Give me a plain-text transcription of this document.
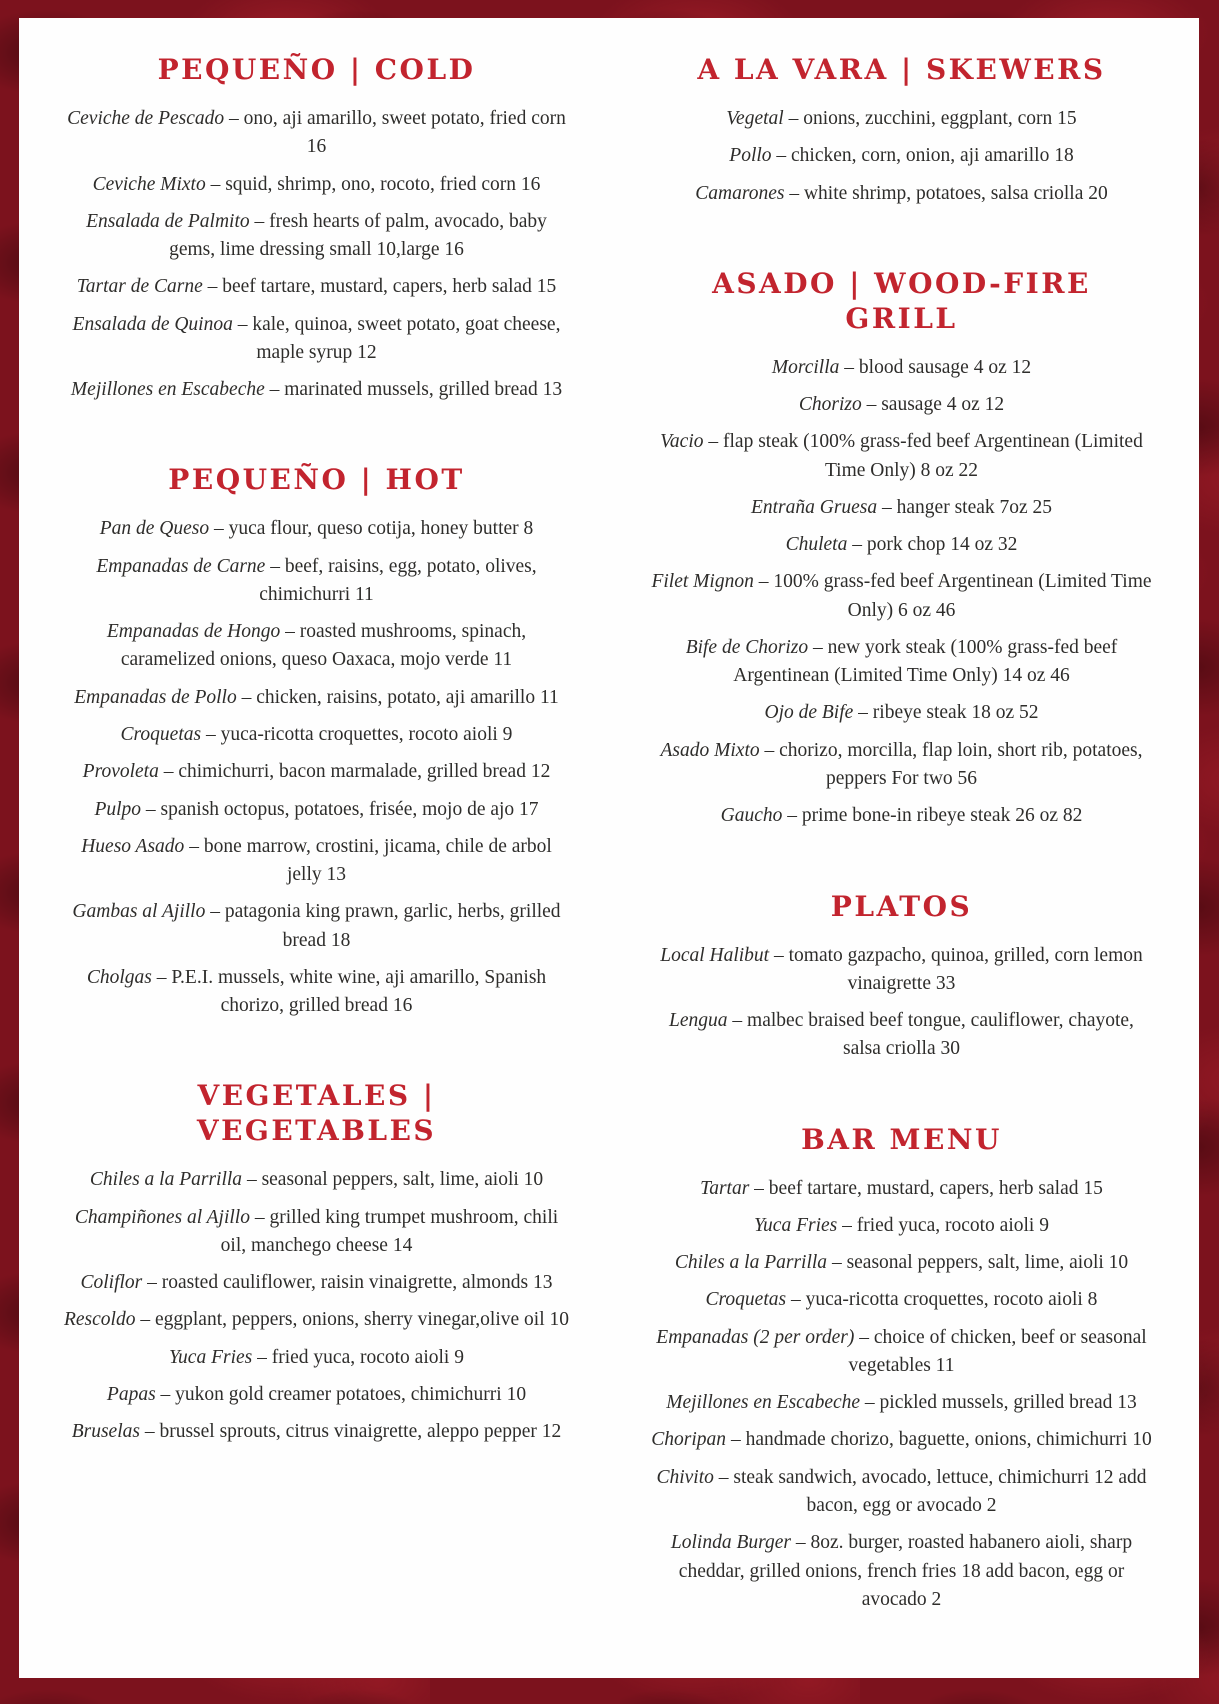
PEQUEÑO | COLD

Ceviche de Pescado – ono, aji amarillo, sweet potato, fried corn 16

Ceviche Mixto – squid, shrimp, ono, rocoto, fried corn 16

Ensalada de Palmito – fresh hearts of palm, avocado, baby gems, lime dressing small 10,large 16

Tartar de Carne – beef tartare, mustard, capers, herb salad 15

Ensalada de Quinoa – kale, quinoa, sweet potato, goat cheese, maple syrup 12

Mejillones en Escabeche – marinated mussels, grilled bread 13

PEQUEÑO | HOT

Pan de Queso – yuca flour, queso cotija, honey butter 8

Empanadas de Carne – beef, raisins, egg, potato, olives, chimichurri 11

Empanadas de Hongo – roasted mushrooms, spinach, caramelized onions, queso Oaxaca, mojo verde 11

Empanadas de Pollo – chicken, raisins, potato, aji amarillo 11

Croquetas – yuca-ricotta croquettes, rocoto aioli 9

Provoleta – chimichurri, bacon marmalade, grilled bread 12

Pulpo – spanish octopus, potatoes, frisée, mojo de ajo 17

Hueso Asado – bone marrow, crostini, jicama, chile de arbol jelly 13

Gambas al Ajillo – patagonia king prawn, garlic, herbs, grilled bread 18

Cholgas – P.E.I. mussels, white wine, aji amarillo, Spanish chorizo, grilled bread 16

VEGETALES | VEGETABLES

Chiles a la Parrilla – seasonal peppers, salt, lime, aioli 10

Champiñones al Ajillo – grilled king trumpet mushroom, chili oil, manchego cheese 14

Coliflor – roasted cauliflower, raisin vinaigrette, almonds 13

Rescoldo – eggplant, peppers, onions, sherry vinegar,olive oil 10

Yuca Fries – fried yuca, rocoto aioli 9

Papas – yukon gold creamer potatoes, chimichurri 10

Bruselas – brussel sprouts, citrus vinaigrette, aleppo pepper 12

A LA VARA | SKEWERS

Vegetal – onions, zucchini, eggplant, corn 15

Pollo – chicken, corn, onion, aji amarillo 18

Camarones – white shrimp, potatoes, salsa criolla 20

ASADO | WOOD-FIRE GRILL

Morcilla – blood sausage 4 oz 12

Chorizo – sausage 4 oz 12

Vacio – flap steak (100% grass-fed beef Argentinean (Limited Time Only) 8 oz 22

Entraña Gruesa – hanger steak 7oz 25

Chuleta – pork chop 14 oz 32

Filet Mignon – 100% grass-fed beef Argentinean (Limited Time Only) 6 oz 46

Bife de Chorizo – new york steak (100% grass-fed beef Argentinean (Limited Time Only) 14 oz 46

Ojo de Bife – ribeye steak 18 oz 52

Asado Mixto – chorizo, morcilla, flap loin, short rib, potatoes, peppers For two 56

Gaucho – prime bone-in ribeye steak 26 oz 82

PLATOS

Local Halibut – tomato gazpacho, quinoa, grilled, corn lemon vinaigrette 33

Lengua – malbec braised beef tongue, cauliflower, chayote, salsa criolla 30

BAR MENU

Tartar – beef tartare, mustard, capers, herb salad 15

Yuca Fries – fried yuca, rocoto aioli 9

Chiles a la Parrilla – seasonal peppers, salt, lime, aioli 10

Croquetas – yuca-ricotta croquettes, rocoto aioli 8

Empanadas (2 per order) – choice of chicken, beef or seasonal vegetables 11

Mejillones en Escabeche – pickled mussels, grilled bread 13

Choripan – handmade chorizo, baguette, onions, chimichurri 10

Chivito – steak sandwich, avocado, lettuce, chimichurri 12 add bacon, egg or avocado 2

Lolinda Burger – 8oz. burger, roasted habanero aioli, sharp cheddar, grilled onions, french fries 18 add bacon, egg or avocado 2
